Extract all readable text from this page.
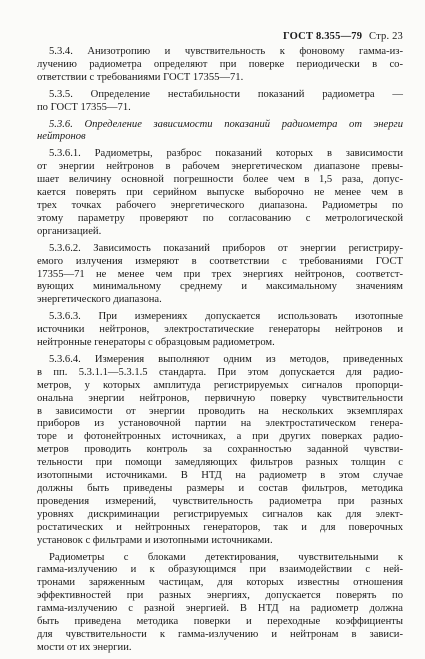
ГОСТ 8.355—79 Стр. 23
5.3.4. Анизотропию и чувствительность к фоновому гамма-из-
лучению радиометра определяют при поверке периодически в со-
ответствии с требованиями ГОСТ 17355—71.
5.3.5. Определение нестабильности показаний радиометра —
по ГОСТ 17355—71.
5.3.6. Определение зависимости показаний радиометра от энерги
нейтронов
5.3.6.1. Радиометры, разброс показаний которых в зависимости
от энергии нейтронов в рабочем энергетическом диапазоне превы-
шает величину основной погрешности более чем в 1,5 раза, допус-
кается поверять при серийном выпуске выборочно не менее чем в
трех точках рабочего энергетического диапазона. Радиометры по
этому параметру проверяют по согласованию с метрологической
организацией.
5.3.6.2. Зависимость показаний приборов от энергии регистриру-
емого излучения измеряют в соответствии с требованиями ГОСТ
17355—71 не менее чем при трех энергиях нейтронов, соответст-
вующих минимальному среднему и максимальному значениям
энергетического диапазона.
5.3.6.3. При измерениях допускается использовать изотопные
источники нейтронов, электростатические генераторы нейтронов и
нейтронные генераторы с образцовым радиометром.
5.3.6.4. Измерения выполняют одним из методов, приведенных
в пп. 5.3.1.1—5.3.1.5 стандарта. При этом допускается для радио-
метров, у которых амплитуда регистрируемых сигналов пропорци-
ональна энергии нейтронов, первичную поверку чувствительности
в зависимости от энергии проводить на нескольких экземплярах
приборов из установочной партии на электростатическом генера-
торе и фотонейтронных источниках, а при других поверках радио-
метров проводить контроль за сохранностью заданной чувстви-
тельности при помощи замедляющих фильтров разных толщин с
изотопными источниками. В НТД на радиометр в этом случае
должны быть приведены размеры и состав фильтров, методика
проведения измерений, чувствительность радиометра при разных
уровнях дискриминации регистрируемых сигналов как для элект-
ростатических и нейтронных генераторов, так и для поверочных
установок с фильтрами и изотопными источниками.
Радиометры с блоками детектирования, чувствительными к
гамма-излучению и к образующимся при взаимодействии с ней-
тронами заряженным частицам, для которых известны отношения
эффективностей при разных энергиях, допускается поверять по
гамма-излучению с разной энергией. В НТД на радиометр должна
быть приведена методика поверки и переходные коэффициенты
для чувствительности к гамма-излучению и нейтронам в зависи-
мости от их энергии.
